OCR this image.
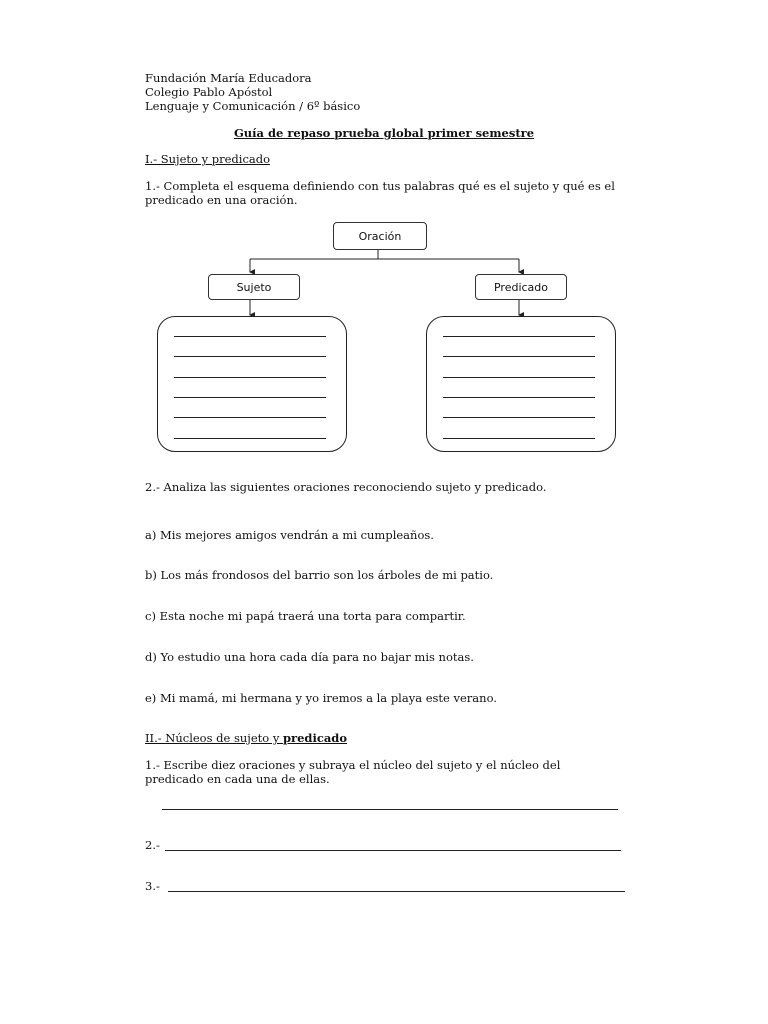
Fundación María Educadora
Colegio Pablo Apóstol
Lenguaje y Comunicación / 6º básico
Guía de repaso prueba global primer semestre
I.- Sujeto y predicado
1.- Completa el esquema definiendo con tus palabras qué es el sujeto y qué es el predicado en una oración.
Oración
Sujeto	Predicado
2.- Analiza las siguientes oraciones reconociendo sujeto y predicado.
a) Mis mejores amigos vendrán a mi cumpleaños.
b) Los más frondosos del barrio son los árboles de mi patio.
c) Esta noche mi papá traerá una torta para compartir.
d) Yo estudio una hora cada día para no bajar mis notas.
e) Mi mamá, mi hermana y yo iremos a la playa este verano.
II.- Núcleos de sujeto y predicado
1.- Escribe diez oraciones y subraya el núcleo del sujeto y el núcleo del predicado en cada una de ellas.
2.-
3.-
